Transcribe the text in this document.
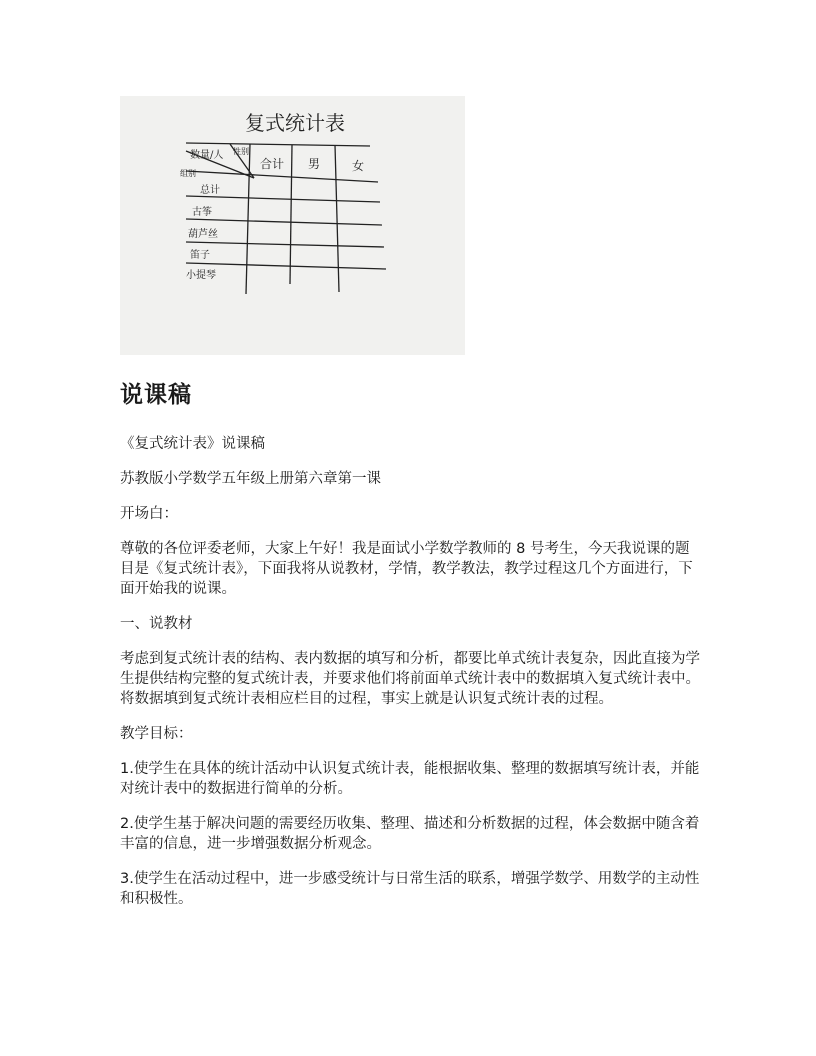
复式统计表
数量/人 性别
组别
合计 男	女
总计
古筝
葫芦丝
笛子
小提琴
说课稿

《复式统计表》说课稿

苏教版小学数学五年级上册第六章第一课

开场白：

尊敬的各位评委老师，大家上午好！我是面试小学数学教师的 8 号考生，今天我说课的题目是《复式统计表》，下面我将从说教材，学情，教学教法，教学过程这几个方面进行，下面开始我的说课。

一、说教材

考虑到复式统计表的结构、表内数据的填写和分析，都要比单式统计表复杂，因此直接为学生提供结构完整的复式统计表，并要求他们将前面单式统计表中的数据填入复式统计表中。将数据填到复式统计表相应栏目的过程，事实上就是认识复式统计表的过程。

教学目标：

1.使学生在具体的统计活动中认识复式统计表，能根据收集、整理的数据填写统计表，并能对统计表中的数据进行简单的分析。

2.使学生基于解决问题的需要经历收集、整理、描述和分析数据的过程，体会数据中随含着丰富的信息，进一步增强数据分析观念。

3.使学生在活动过程中，进一步感受统计与日常生活的联系，增强学数学、用数学的主动性和积极性。
